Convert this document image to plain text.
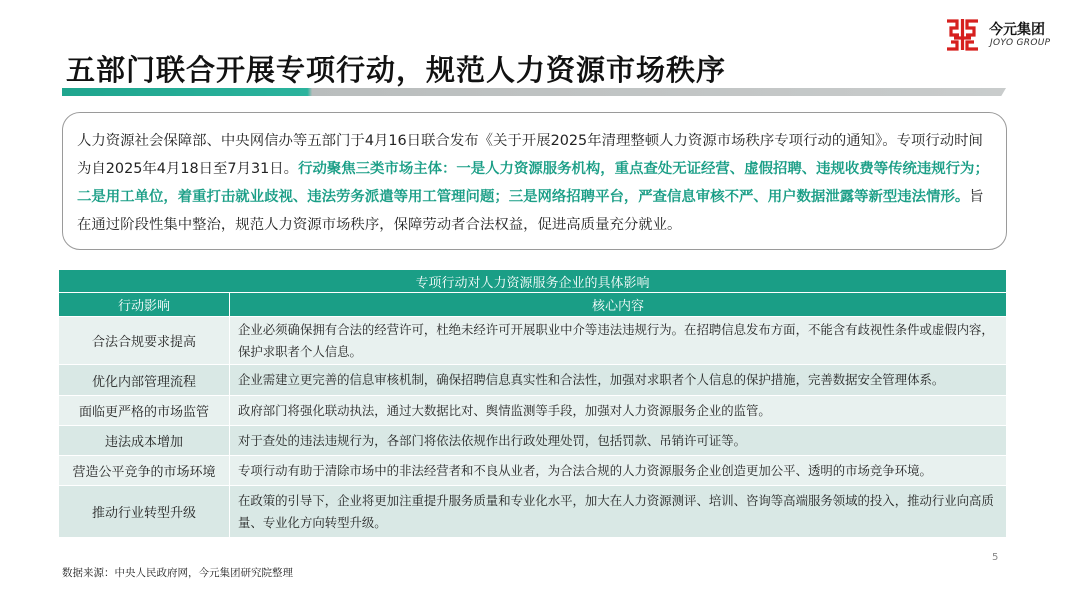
今元集团
JOYO GROUP
五部门联合开展专项行动，规范人力资源市场秩序
人力资源社会保障部、中央网信办等五部门于4月16日联合发布《关于开展2025年清理整顿人力资源市场秩序专项行动的通知》。专项行动时间为自2025年4月18日至7月31日。行动聚焦三类市场主体：一是人力资源服务机构，重点查处无证经营、虚假招聘、违规收费等传统违规行为；二是用工单位，着重打击就业歧视、违法劳务派遣等用工管理问题；三是网络招聘平台，严查信息审核不严、用户数据泄露等新型违法情形。旨在通过阶段性集中整治，规范人力资源市场秩序，保障劳动者合法权益，促进高质量充分就业。
专项行动对人力资源服务企业的具体影响	
行动影响	核心内容
合法合规要求提高	企业必须确保拥有合法的经营许可，杜绝未经许可开展职业中介等违法违规行为。在招聘信息发布方面，不能含有歧视性条件或虚假内容，保护求职者个人信息。
优化内部管理流程	企业需建立更完善的信息审核机制，确保招聘信息真实性和合法性，加强对求职者个人信息的保护措施，完善数据安全管理体系。
面临更严格的市场监管	政府部门将强化联动执法，通过大数据比对、舆情监测等手段，加强对人力资源服务企业的监管。
违法成本增加	对于查处的违法违规行为，各部门将依法依规作出行政处理处罚，包括罚款、吊销许可证等。
营造公平竞争的市场环境	专项行动有助于清除市场中的非法经营者和不良从业者，为合法合规的人力资源服务企业创造更加公平、透明的市场竞争环境。
推动行业转型升级	在政策的引导下，企业将更加注重提升服务质量和专业化水平，加大在人力资源测评、培训、咨询等高端服务领域的投入，推动行业向高质量、专业化方向转型升级。
5
数据来源：中央人民政府网，今元集团研究院整理
